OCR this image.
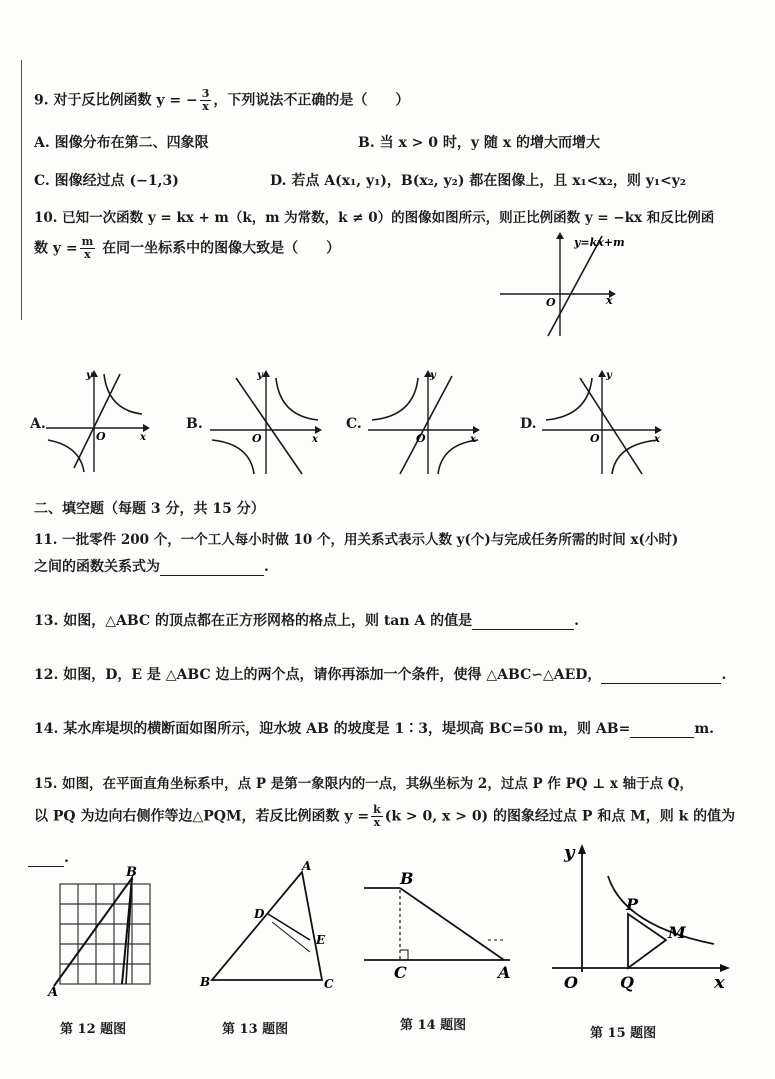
9. 对于反比例函数 y = − $\frac{3}{x}$ ，下列说法不正确的是（　　）
A. 图像分布在第二、四象限	B. 当 x > 0 时，y 随 x 的增大而增大
C. 图像经过点 (−1,3)	D. 若点 A(x₁, y₁)，B(x₂, y₂) 都在图像上，且 x₁<x₂，则 y₁<y₂
10. 已知一次函数 y = kx + m（k，m 为常数，k ≠ 0）的图像如图所示，则正比例函数 y = −kx 和反比例函
数 $y = \frac{m}{x}$ 在同一坐标系中的图像大致是（　　）	y=kx+m
O	x
A.
y
O	x
B.
y
O	x
C.
y
O	x
D.
y
O	x
二、填空题（每题 3 分，共 15 分）
11. 一批零件 200 个，一个工人每小时做 10 个，用关系式表示人数 y(个)与完成任务所需的时间 x(小时)
之间的函数关系式为	.
13. 如图，△ABC 的顶点都在正方形网格的格点上，则 tan A 的值是	.
12. 如图，D，E 是 △ABC 边上的两个点，请你再添加一个条件，使得 △ABC∽△AED，	.
14. 某水库堤坝的横断面如图所示，迎水坡 AB 的坡度是 1∶3，堤坝高 BC=50 m，则 AB=	m.
15. 如图，在平面直角坐标系中，点 P 是第一象限内的一点，其纵坐标为 2，过点 P 作 PQ ⊥ x 轴于点 Q，
以 PQ 为边向右侧作等边△PQM，若反比例函数 $y = \frac{k}{x} (k > 0$, x > 0) 的图象经过点 P 和点 M，则 k 的值为
.
B
A
A
D
E
B	C
B
C	A
y
P
M
O	Q	x
第 12 题图	第 13 题图	第 14 题图
第 15 题图
